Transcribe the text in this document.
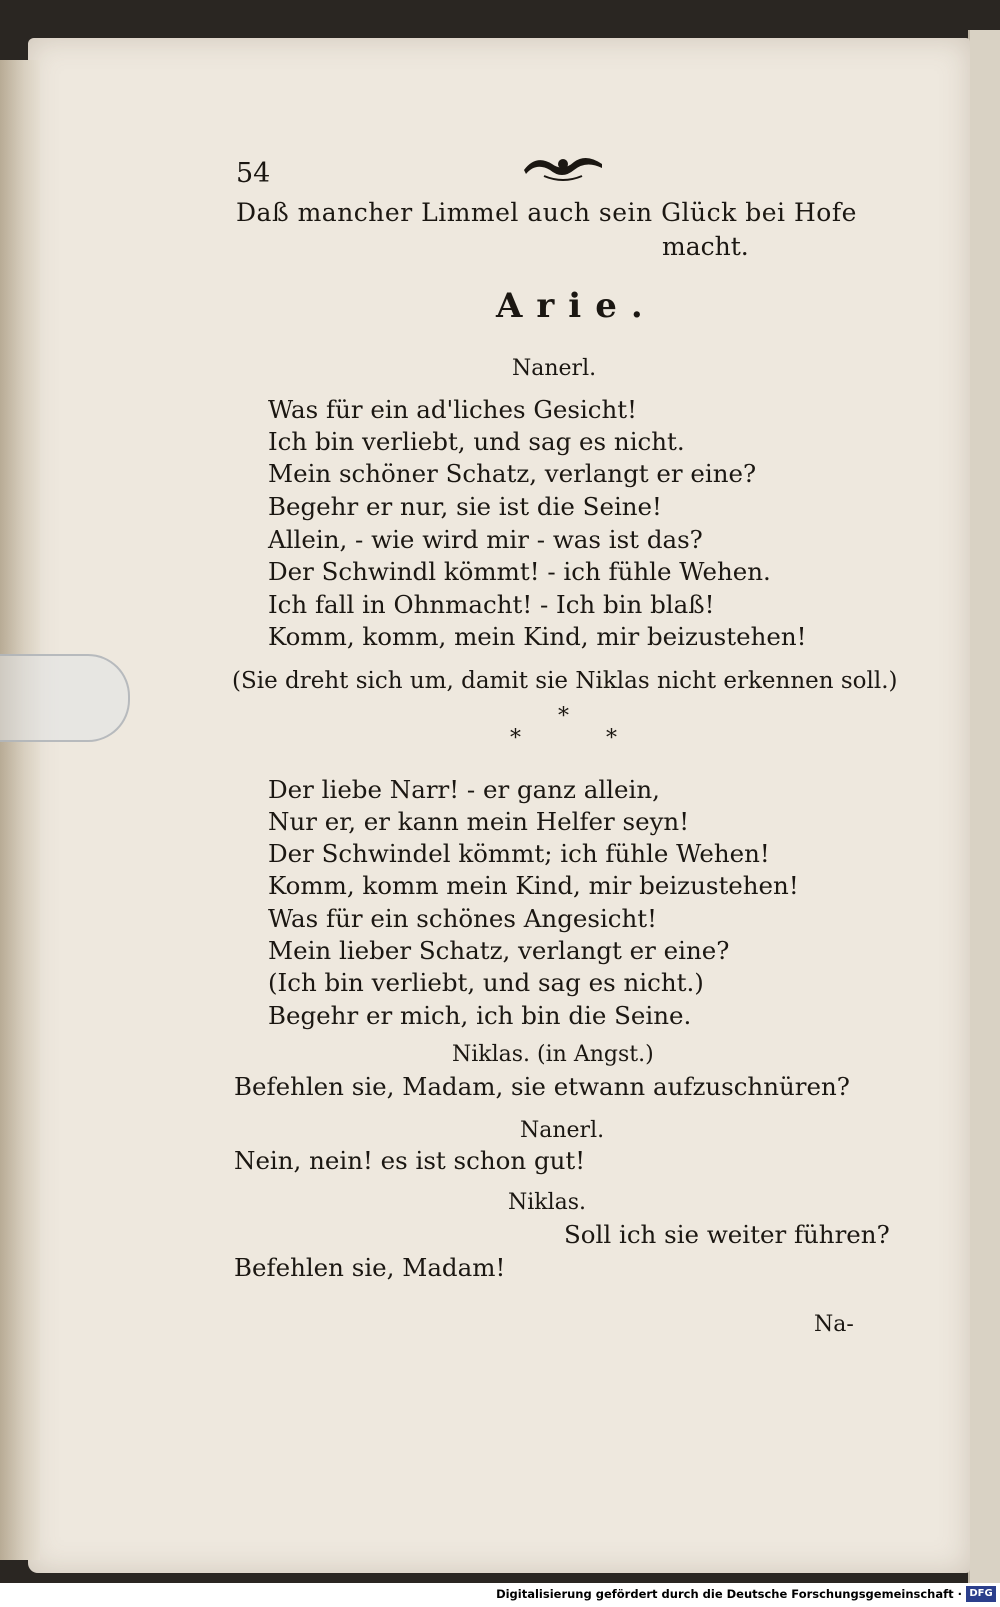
54
Daß mancher Limmel auch sein Glück bei Hofe
macht.
Arie.
Nanerl.
Was für ein ad'liches Gesicht!
Ich bin verliebt, und sag es nicht.
Mein schöner Schatz, verlangt er eine?
Begehr er nur, sie ist die Seine!
Allein, - wie wird mir - was ist das?
Der Schwindl kömmt! - ich fühle Wehen.
Ich fall in Ohnmacht! - Ich bin blaß!
Komm, komm, mein Kind, mir beizustehen!
(Sie dreht sich um, damit sie Niklas nicht erkennen soll.)
*
*	*
Der liebe Narr! - er ganz allein,
Nur er, er kann mein Helfer seyn!
Der Schwindel kömmt; ich fühle Wehen!
Komm, komm mein Kind, mir beizustehen!
Was für ein schönes Angesicht!
Mein lieber Schatz, verlangt er eine?
(Ich bin verliebt, und sag es nicht.)
Begehr er mich, ich bin die Seine.
Niklas. (in Angst.)
Befehlen sie, Madam, sie etwann aufzuschnüren?
Nanerl.
Nein, nein! es ist schon gut!
Niklas.
Soll ich sie weiter führen?
Befehlen sie, Madam!
Na-
Digitalisierung gefördert durch die Deutsche Forschungsgemeinschaft · DFG
